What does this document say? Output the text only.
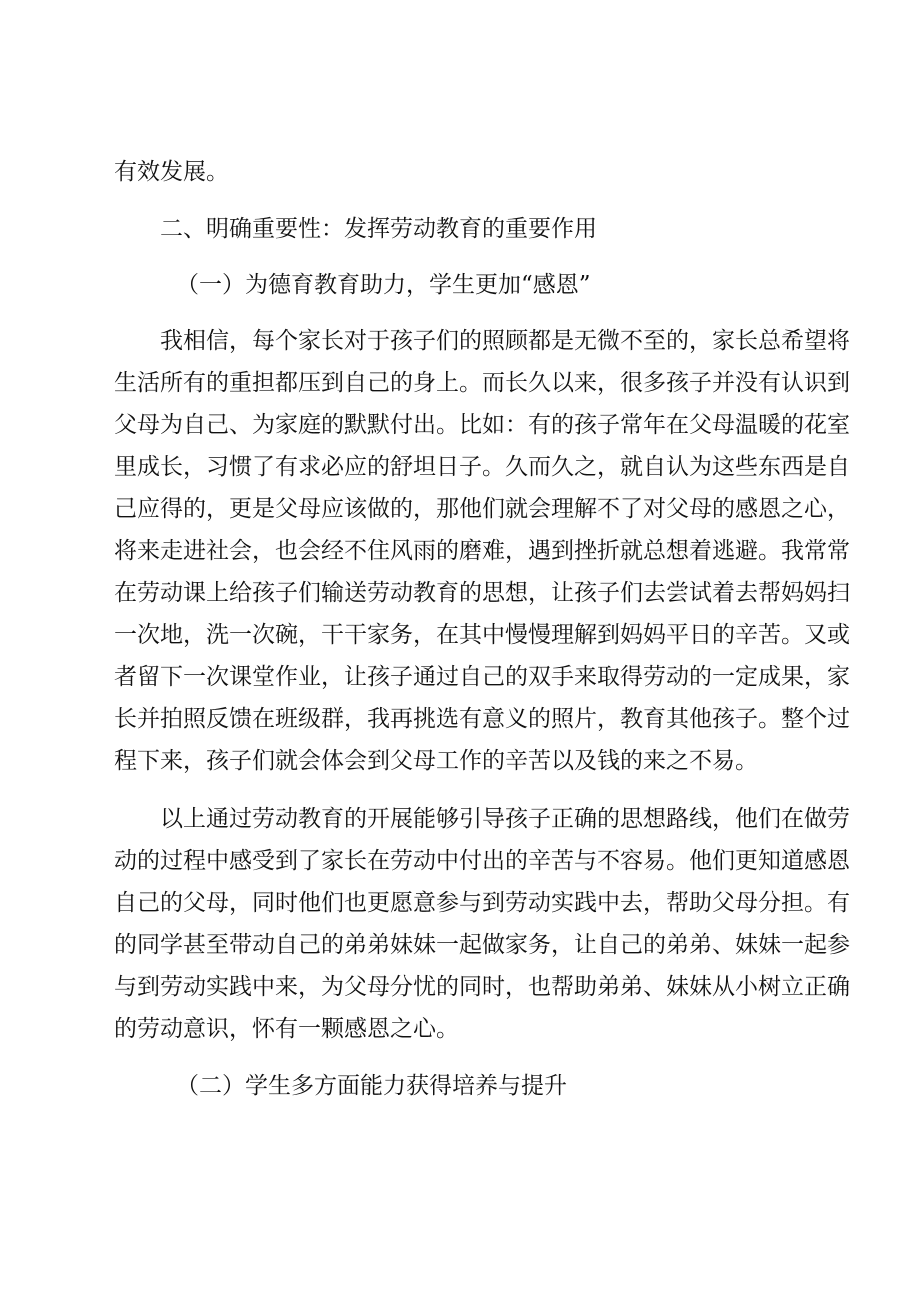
有效发展。

二、明确重要性：发挥劳动教育的重要作用

（一）为德育教育助力，学生更加“感恩”

我相信，每个家长对于孩子们的照顾都是无微不至的，家长总希望将

生活所有的重担都压到自己的身上。而长久以来，很多孩子并没有认识到

父母为自己、为家庭的默默付出。比如：有的孩子常年在父母温暖的花室

里成长，习惯了有求必应的舒坦日子。久而久之，就自认为这些东西是自

己应得的，更是父母应该做的，那他们就会理解不了对父母的感恩之心，

将来走进社会，也会经不住风雨的磨难，遇到挫折就总想着逃避。我常常

在劳动课上给孩子们输送劳动教育的思想，让孩子们去尝试着去帮妈妈扫

一次地，洗一次碗，干干家务，在其中慢慢理解到妈妈平日的辛苦。又或

者留下一次课堂作业，让孩子通过自己的双手来取得劳动的一定成果，家

长并拍照反馈在班级群，我再挑选有意义的照片，教育其他孩子。整个过

程下来，孩子们就会体会到父母工作的辛苦以及钱的来之不易。

以上通过劳动教育的开展能够引导孩子正确的思想路线，他们在做劳

动的过程中感受到了家长在劳动中付出的辛苦与不容易。他们更知道感恩

自己的父母，同时他们也更愿意参与到劳动实践中去，帮助父母分担。有

的同学甚至带动自己的弟弟妹妹一起做家务，让自己的弟弟、妹妹一起参

与到劳动实践中来，为父母分忧的同时，也帮助弟弟、妹妹从小树立正确

的劳动意识，怀有一颗感恩之心。

（二）学生多方面能力获得培养与提升
